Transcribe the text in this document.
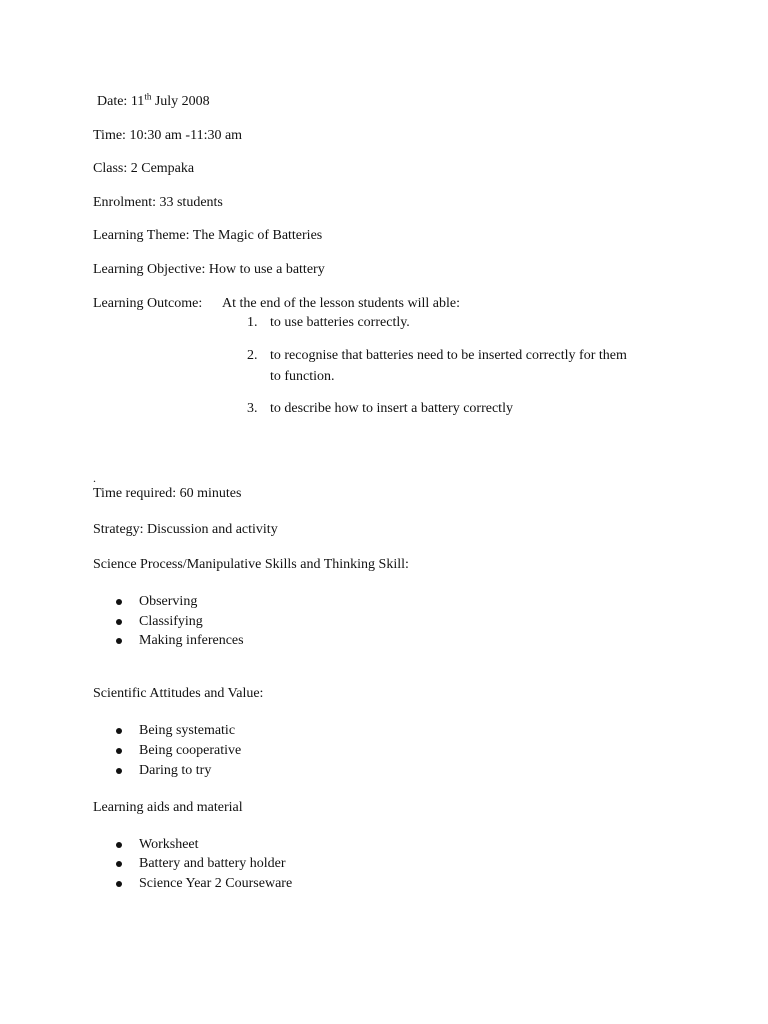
Date: 11th July 2008
Time: 10:30 am -11:30 am
Class: 2 Cempaka
Enrolment: 33 students
Learning Theme: The Magic of Batteries
Learning Objective: How to use a battery
Learning Outcome: At the end of the lesson students will able:
1. to use batteries correctly.
2. to recognise that batteries need to be inserted correctly for them
to function.
3. to describe how to insert a battery correctly
.
Time required: 60 minutes
Strategy: Discussion and activity
Science Process/Manipulative Skills and Thinking Skill:
Observing
Classifying
Making inferences
Scientific Attitudes and Value:
Being systematic
Being cooperative
Daring to try
Learning aids and material
Worksheet
Battery and battery holder
Science Year 2 Courseware
